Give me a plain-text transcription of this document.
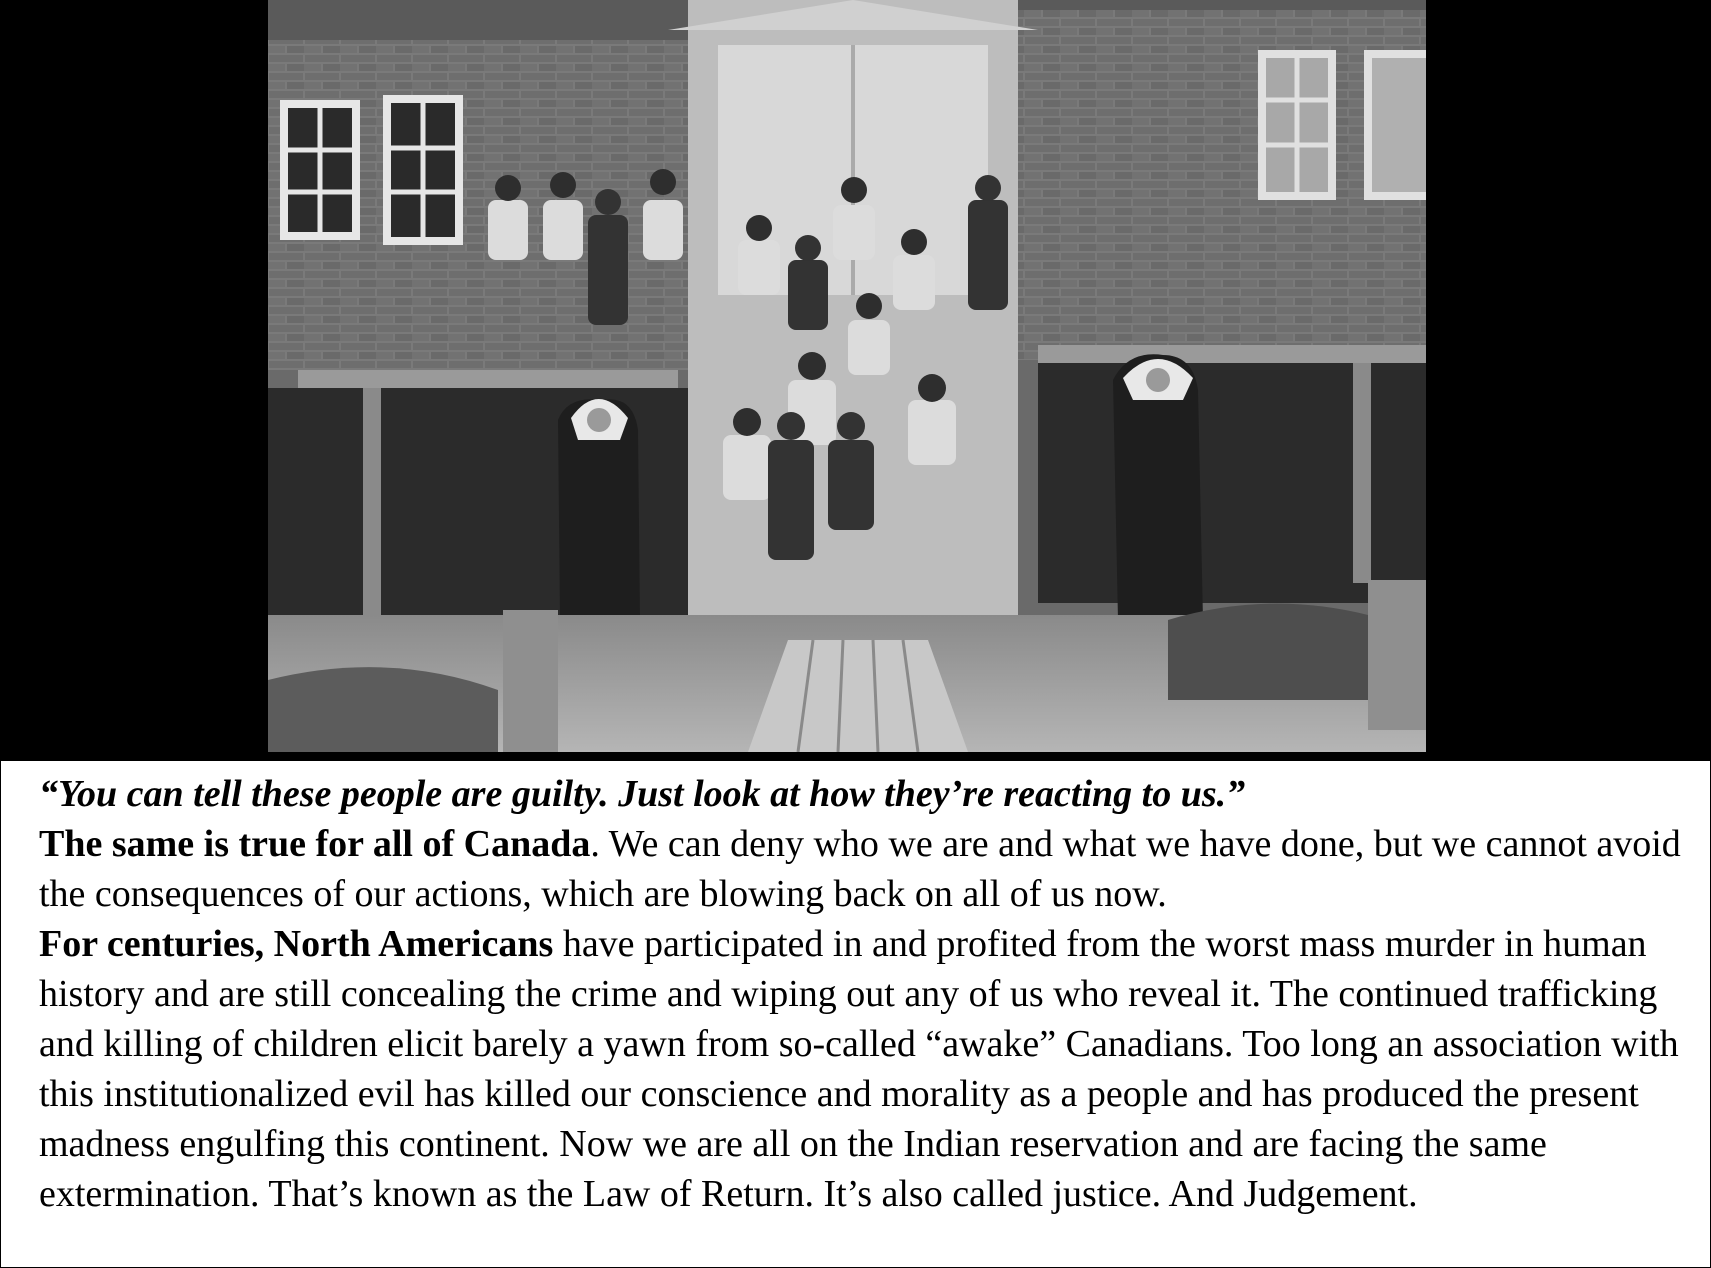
“You can tell these people are guilty. Just look at how they’re reacting to us.”

The same is true for all of Canada. We can deny who we are and what we have done, but we cannot avoid the consequences of our actions, which are blowing back on all of us now.

For centuries, North Americans have participated in and profited from the worst mass murder in human history and are still concealing the crime and wiping out any of us who reveal it. The continued trafficking and killing of children elicit barely a yawn from so-called “awake” Canadians. Too long an association with this institutionalized evil has killed our conscience and morality as a people and has produced the present madness engulfing this continent. Now we are all on the Indian reservation and are facing the same extermination. That’s known as the Law of Return. It’s also called justice. And Judgement.
